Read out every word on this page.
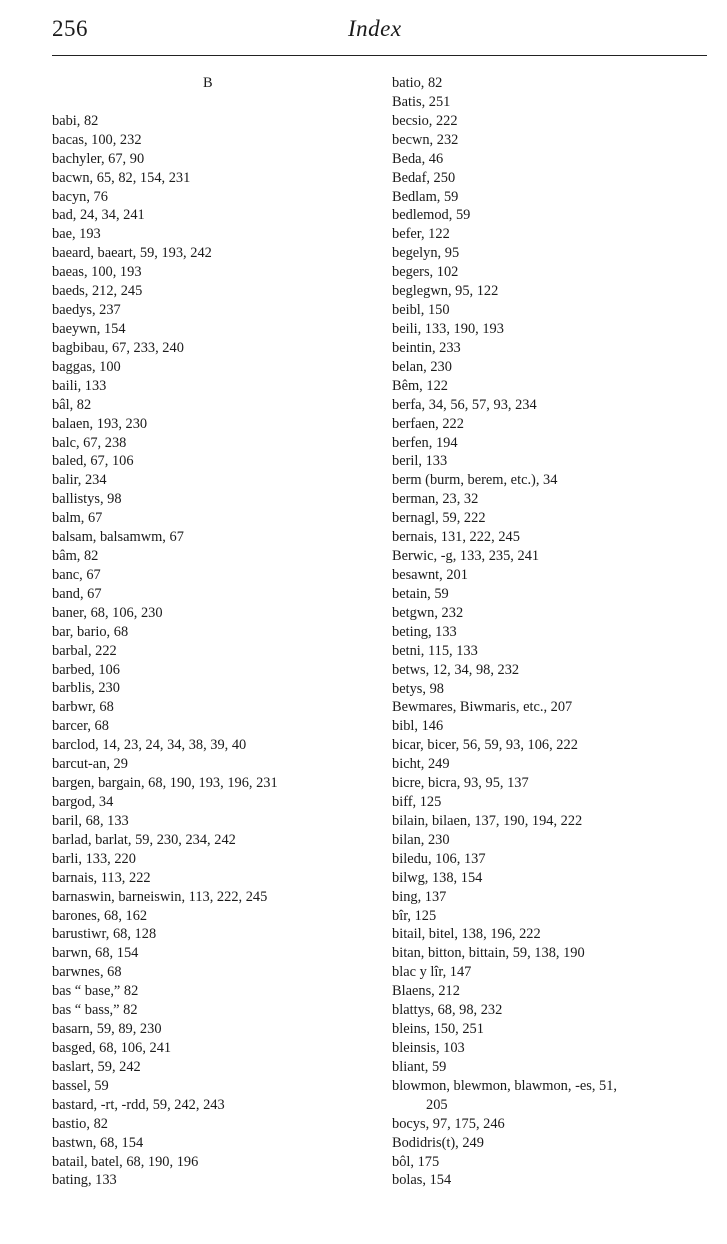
256	Index
B
babi, 82
bacas, 100, 232
bachyler, 67, 90
bacwn, 65, 82, 154, 231
bacyn, 76
bad, 24, 34, 241
bae, 193
baeard, baeart, 59, 193, 242
baeas, 100, 193
baeds, 212, 245
baedys, 237
baeywn, 154
bagbibau, 67, 233, 240
baggas, 100
baili, 133
bâl, 82
balaen, 193, 230
balc, 67, 238
baled, 67, 106
balir, 234
ballistys, 98
balm, 67
balsam, balsamwm, 67
bâm, 82
banc, 67
band, 67
baner, 68, 106, 230
bar, bario, 68
barbal, 222
barbed, 106
barblis, 230
barbwr, 68
barcer, 68
barclod, 14, 23, 24, 34, 38, 39, 40
barcut-an, 29
bargen, bargain, 68, 190, 193, 196, 231
bargod, 34
baril, 68, 133
barlad, barlat, 59, 230, 234, 242
barli, 133, 220
barnais, 113, 222
barnaswin, barneiswin, 113, 222, 245
barones, 68, 162
barustiwr, 68, 128
barwn, 68, 154
barwnes, 68
bas “ base,” 82
bas “ bass,” 82
basarn, 59, 89, 230
basged, 68, 106, 241
baslart, 59, 242
bassel, 59
bastard, -rt, -rdd, 59, 242, 243
bastio, 82
bastwn, 68, 154
batail, batel, 68, 190, 196
bating, 133
batio, 82
Batis, 251
becsio, 222
becwn, 232
Beda, 46
Bedaf, 250
Bedlam, 59
bedlemod, 59
befer, 122
begelyn, 95
begers, 102
beglegwn, 95, 122
beibl, 150
beili, 133, 190, 193
beintin, 233
belan, 230
Bêm, 122
berfa, 34, 56, 57, 93, 234
berfaen, 222
berfen, 194
beril, 133
berm (burm, berem, etc.), 34
berman, 23, 32
bernagl, 59, 222
bernais, 131, 222, 245
Berwic, -g, 133, 235, 241
besawnt, 201
betain, 59
betgwn, 232
beting, 133
betni, 115, 133
betws, 12, 34, 98, 232
betys, 98
Bewmares, Biwmaris, etc., 207
bibl, 146
bicar, bicer, 56, 59, 93, 106, 222
bicht, 249
bicre, bicra, 93, 95, 137
biff, 125
bilain, bilaen, 137, 190, 194, 222
bilan, 230
biledu, 106, 137
bilwg, 138, 154
bing, 137
bîr, 125
bitail, bitel, 138, 196, 222
bitan, bitton, bittain, 59, 138, 190
blac y lîr, 147
Blaens, 212
blattys, 68, 98, 232
bleins, 150, 251
bleinsis, 103
bliant, 59
blowmon, blewmon, blawmon, -es, 51,
205
bocys, 97, 175, 246
Bodidris(t), 249
bôl, 175
bolas, 154
